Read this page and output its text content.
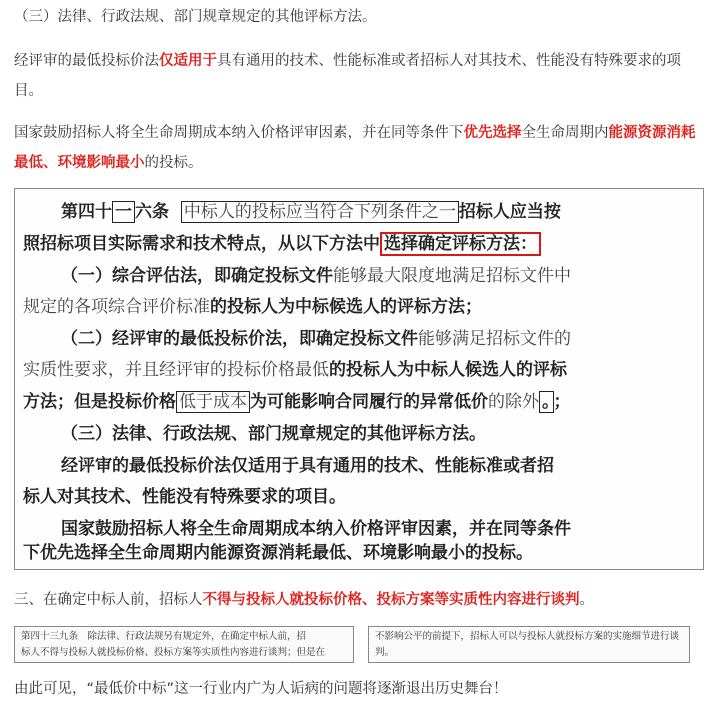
（三）法律、行政法规、部门规章规定的其他评标方法。

经评审的最低投标价法仅适用于具有通用的技术、性能标准或者招标人对其技术、性能没有特殊要求的项目。

国家鼓励招标人将全生命周期成本纳入价格评审因素，并在同等条件下优先选择全生命周期内能源资源消耗最低、环境影响最小的投标。

第四十 一 六条 中标人的投标应当符合下列条件之一 招标人应当按
照招标项目实际需求和技术特点，从以下方法中 选择确定评标方法：
（一）综合评估法，即确定投标文件能够最大限度地满足招标文件中
规定的各项综合评价标准的投标人为中标候选人的评标方法；
（二）经评审的最低投标价法，即确定投标文件能够满足招标文件的
实质性要求，并且经评审的投标价格最低的投标人为中标人候选人的评标
方法；但是投标价格 低于成本 为可能影响合同履行的异常低价的除外 。 ；
（三）法律、行政法规、部门规章规定的其他评标方法。
经评审的最低投标价法仅适用于具有通用的技术、性能标准或者招
标人对其技术、性能没有特殊要求的项目。
国家鼓励招标人将全生命周期成本纳入价格评审因素，并在同等条件
下优先选择全生命周期内能源资源消耗最低、环境影响最小的投标。
三、在确定中标人前，招标人不得与投标人就投标价格、投标方案等实质性内容进行谈判。
第四十三九条　除法律、行政法规另有规定外，在确定中标人前，招
标人不得与投标人就投标价格、投标方案等实质性内容进行谈判；但是在
不影响公平的前提下，招标人可以与投标人就投标方案的实施细节进行谈
判。
由此可见，“最低价中标”这一行业内广为人诟病的问题将逐渐退出历史舞台！
